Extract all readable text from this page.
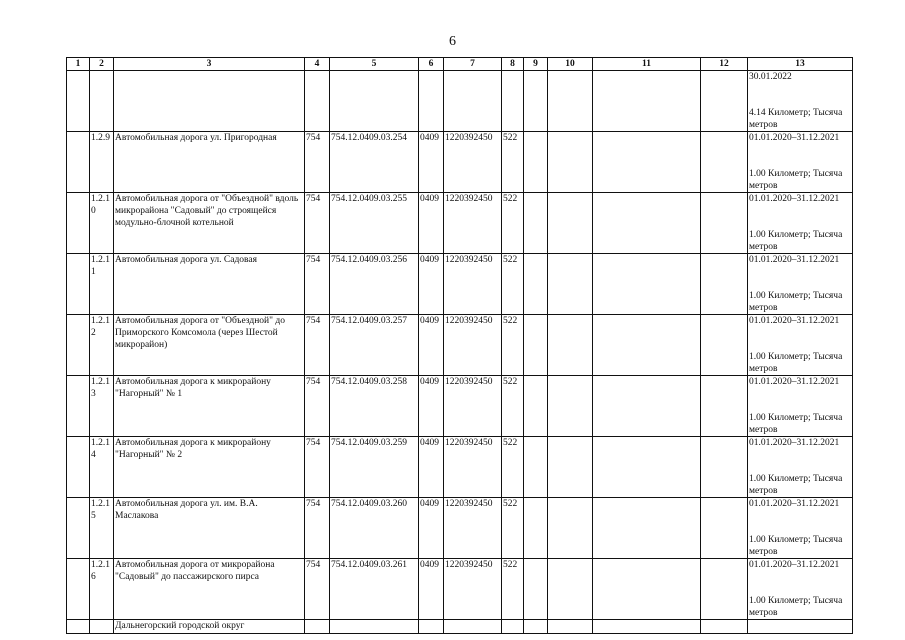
6
1	2	3	4	5	6	7	8	9	10	11	12	13

												30.01.2022
4.14 Километр; Тысяча метров

	1.2.9	Автомобильная дорога ул. Пригородная	754	754.12.0409.03.254	0409	1220392450	522					01.01.2020–31.12.2021
1.00 Километр; Тысяча метров

	1.2.10	Автомобильная дорога от "Объездной" вдоль микрорайона "Садовый" до строящейся модульно-блочной котельной	754	754.12.0409.03.255	0409	1220392450	522					01.01.2020–31.12.2021
1.00 Километр; Тысяча метров

	1.2.11	Автомобильная дорога ул. Садовая	754	754.12.0409.03.256	0409	1220392450	522					01.01.2020–31.12.2021
1.00 Километр; Тысяча метров

	1.2.12	Автомобильная дорога от "Объездной" до Приморского Комсомола (через Шестой микрорайон)	754	754.12.0409.03.257	0409	1220392450	522					01.01.2020–31.12.2021
1.00 Километр; Тысяча метров

	1.2.13	Автомобильная дорога к микрорайону "Нагорный" № 1	754	754.12.0409.03.258	0409	1220392450	522					01.01.2020–31.12.2021
1.00 Километр; Тысяча метров

	1.2.14	Автомобильная дорога к микрорайону "Нагорный" № 2	754	754.12.0409.03.259	0409	1220392450	522					01.01.2020–31.12.2021
1.00 Километр; Тысяча метров

	1.2.15	Автомобильная дорога ул. им. В.А. Маслакова	754	754.12.0409.03.260	0409	1220392450	522					01.01.2020–31.12.2021
1.00 Километр; Тысяча метров

	1.2.16	Автомобильная дорога от микрорайона "Садовый" до пассажирского пирса	754	754.12.0409.03.261	0409	1220392450	522					01.01.2020–31.12.2021
1.00 Километр; Тысяча метров

		Дальнегорский городской округ										
